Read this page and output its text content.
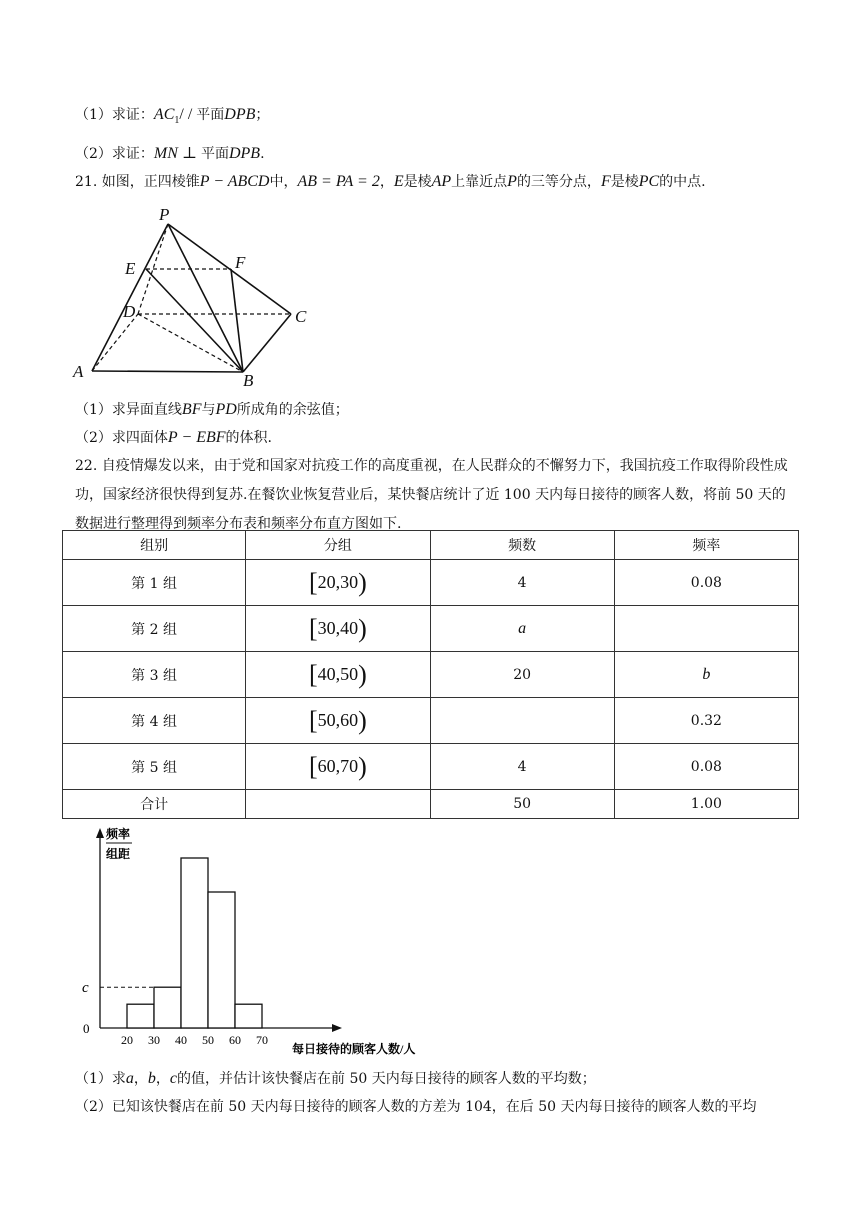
（1）求证：$AC_1/$ / 平面DPB；
（2）求证：MN ⊥ 平面DPB.
21. 如图，正四棱锥P − ABCD中，AB = PA = 2，E是棱AP上靠近点P的三等分点，F是棱PC的中点.
P
E	F
D	C
A	B
（1）求异面直线BF与PD所成角的余弦值；
（2）求四面体P − EBF的体积.
22. 自疫情爆发以来，由于党和国家对抗疫工作的高度重视，在人民群众的不懈努力下，我国抗疫工作取得阶段性成功，国家经济很快得到复苏.在餐饮业恢复营业后，某快餐店统计了近 100 天内每日接待的顾客人数，将前 50 天的数据进行整理得到频率分布表和频率分布直方图如下.
组别	分组	频数	频率
第 1 组	[20,30)	4	0.08
第 2 组	[30,40)	a	
第 3 组	[40,50)	20	b
第 4 组	[50,60)		0.32
第 5 组	[60,70)	4	0.08
合计		50	1.00
频率
组距
c
0
20 30 40 50 60 70
每日接待的顾客人数/人
（1）求a，b，c的值，并估计该快餐店在前 50 天内每日接待的顾客人数的平均数；
（2）已知该快餐店在前 50 天内每日接待的顾客人数的方差为 104，在后 50 天内每日接待的顾客人数的平均
